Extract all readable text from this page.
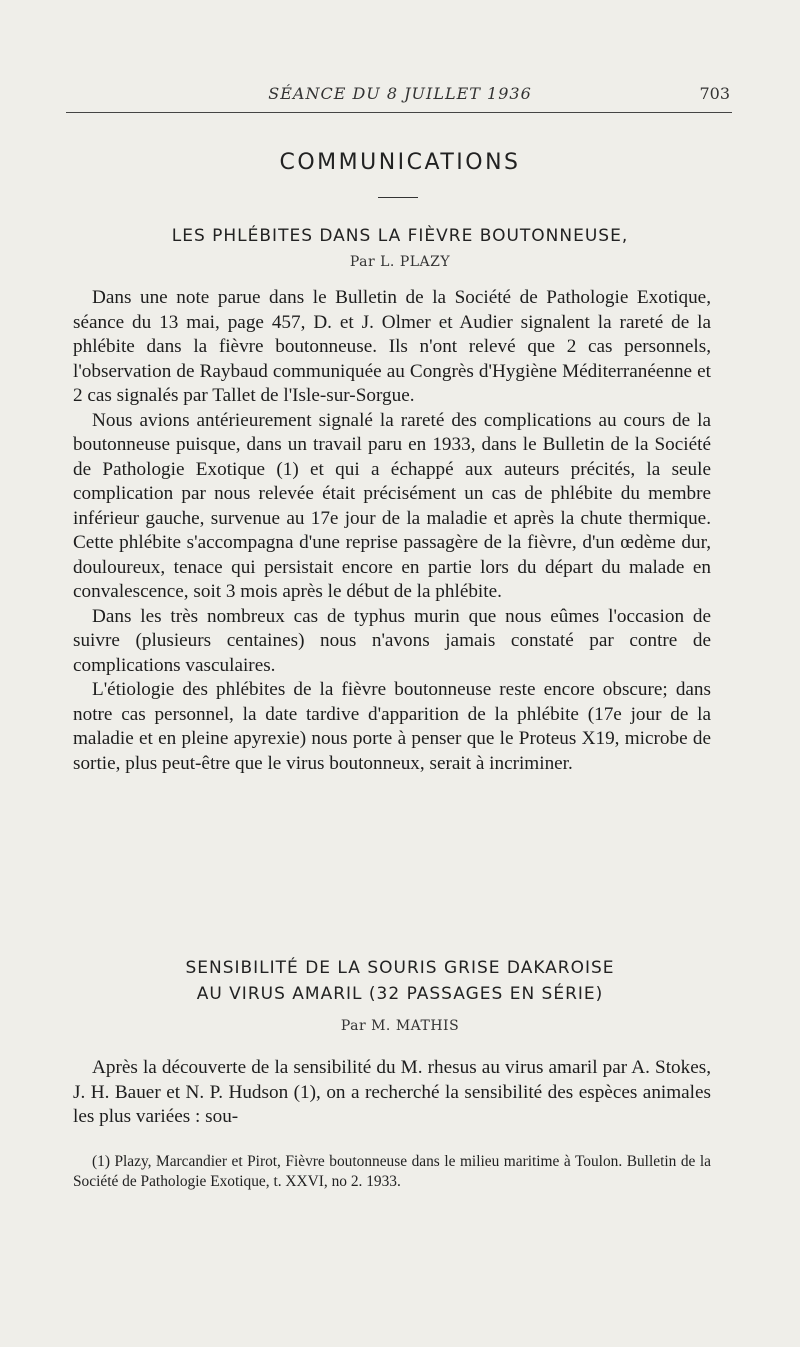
SÉANCE DU 8 JUILLET 1936	703
COMMUNICATIONS
LES PHLÉBITES DANS LA FIÈVRE BOUTONNEUSE,
Par L. PLAZY

Dans une note parue dans le Bulletin de la Société de Pathologie Exotique, séance du 13 mai, page 457, D. et J. Olmer et Audier signalent la rareté de la phlébite dans la fièvre boutonneuse. Ils n'ont relevé que 2 cas personnels, l'observation de Raybaud communiquée au Congrès d'Hygiène Méditerranéenne et 2 cas signalés par Tallet de l'Isle-sur-Sorgue.

Nous avions antérieurement signalé la rareté des complications au cours de la boutonneuse puisque, dans un travail paru en 1933, dans le Bulletin de la Société de Pathologie Exotique (1) et qui a échappé aux auteurs précités, la seule complication par nous relevée était précisément un cas de phlébite du membre inférieur gauche, survenue au 17e jour de la maladie et après la chute thermique. Cette phlébite s'accompagna d'une reprise passagère de la fièvre, d'un œdème dur, douloureux, tenace qui persistait encore en partie lors du départ du malade en convalescence, soit 3 mois après le début de la phlébite.

Dans les très nombreux cas de typhus murin que nous eûmes l'occasion de suivre (plusieurs centaines) nous n'avons jamais constaté par contre de complications vasculaires.

L'étiologie des phlébites de la fièvre boutonneuse reste encore obscure; dans notre cas personnel, la date tardive d'apparition de la phlébite (17e jour de la maladie et en pleine apyrexie) nous porte à penser que le Proteus X19, microbe de sortie, plus peut-être que le virus boutonneux, serait à incriminer.

SENSIBILITÉ DE LA SOURIS GRISE DAKAROISE
AU VIRUS AMARIL (32 PASSAGES EN SÉRIE)
Par M. MATHIS

Après la découverte de la sensibilité du M. rhesus au virus amaril par A. Stokes, J. H. Bauer et N. P. Hudson (1), on a recherché la sensibilité des espèces animales les plus variées : sou-

(1) Plazy, Marcandier et Pirot, Fièvre boutonneuse dans le milieu maritime à Toulon. Bulletin de la Société de Pathologie Exotique, t. XXVI, no 2. 1933.
